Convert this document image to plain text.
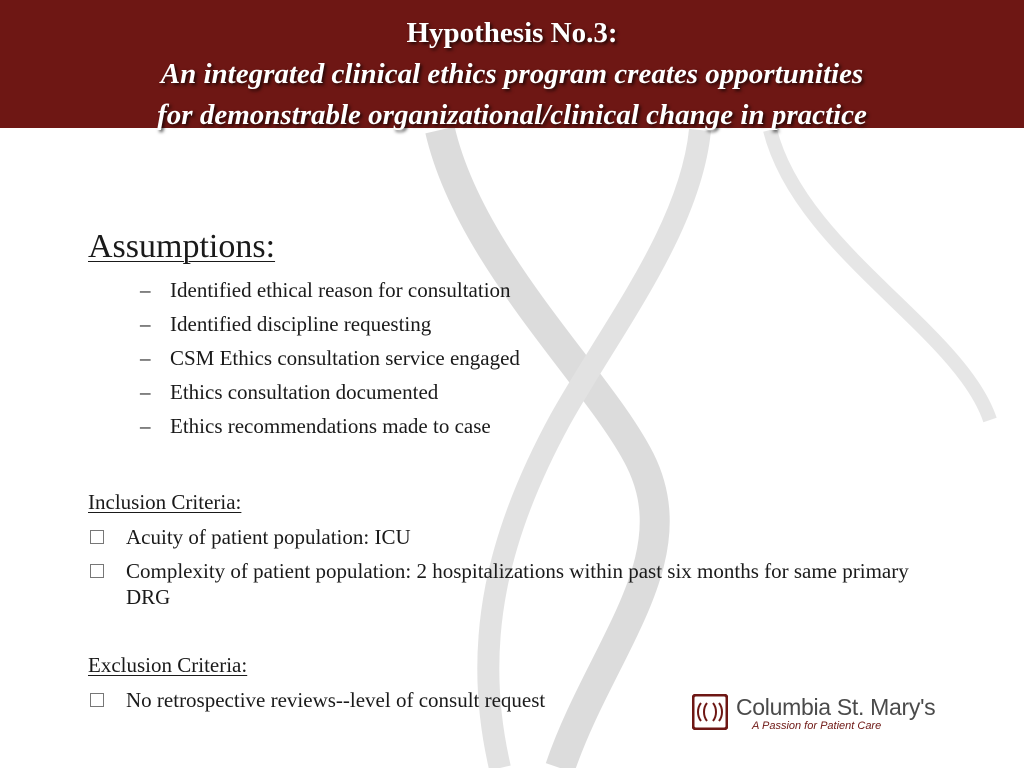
Hypothesis No.3:
An integrated clinical ethics program creates opportunities
for demonstrable organizational/clinical change in practice
Assumptions:
– Identified ethical reason for consultation
– Identified discipline requesting
– CSM Ethics consultation service engaged
– Ethics consultation documented
– Ethics recommendations made to case
Inclusion Criteria:
Acuity of patient population: ICU
Complexity of patient population: 2 hospitalizations within past six months for same primary DRG
Exclusion Criteria:
No retrospective reviews--level of consult request	Columbia St. Mary's
A Passion for Patient Care
